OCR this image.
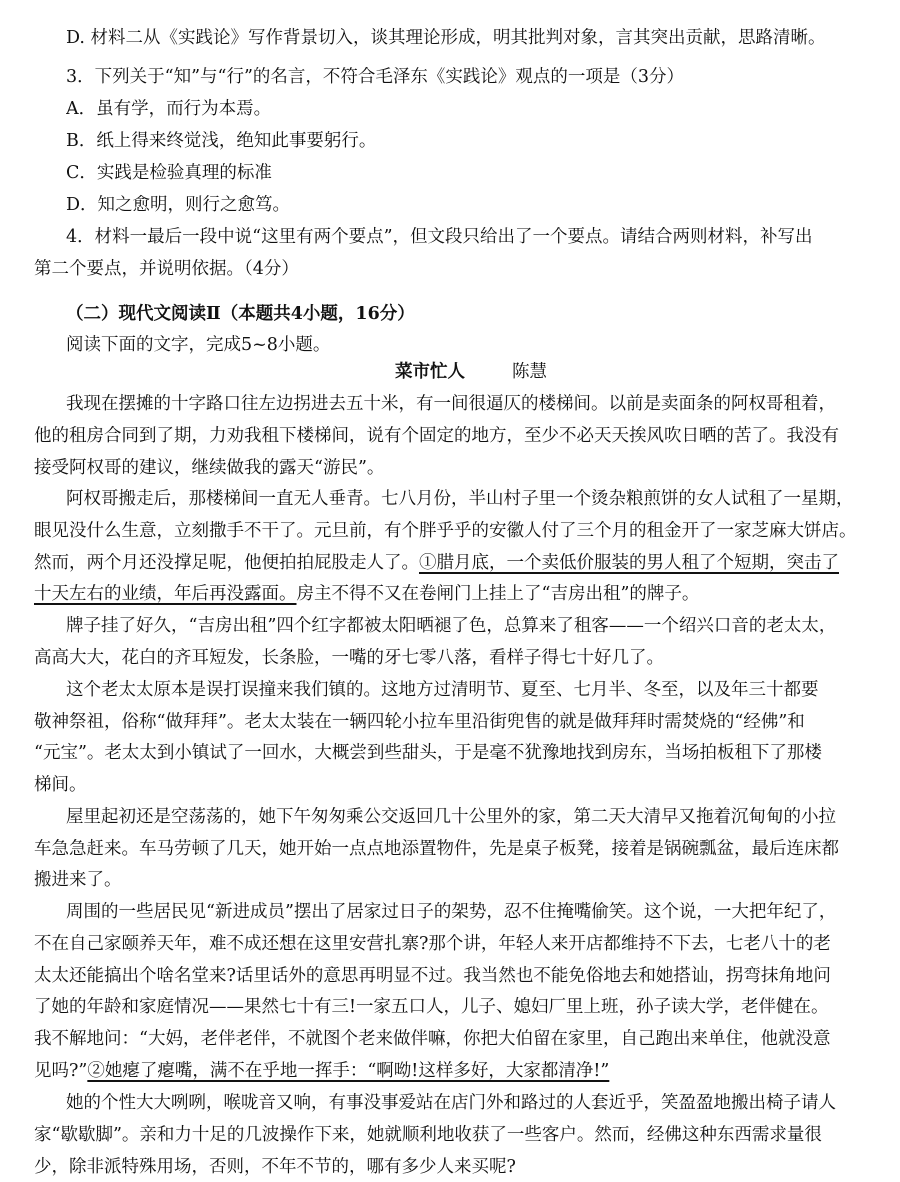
D. 材料二从《实践论》写作背景切入，谈其理论形成，明其批判对象，言其突出贡献，思路清晰。
3．下列关于“知”与“行”的名言，不符合毛泽东《实践论》观点的一项是（3分）
A．虽有学，而行为本焉。
B．纸上得来终觉浅，绝知此事要躬行。
C．实践是检验真理的标准
D．知之愈明，则行之愈笃。
4．材料一最后一段中说“这里有两个要点”，但文段只给出了一个要点。请结合两则材料，补写出
第二个要点，并说明依据。（4分）
（二）现代文阅读Ⅱ（本题共4小题，16分）
阅读下面的文字，完成5~8小题。
菜市忙人	陈慧
我现在摆摊的十字路口往左边拐进去五十米，有一间很逼仄的楼梯间。以前是卖面条的阿权哥租着，
他的租房合同到了期，力劝我租下楼梯间，说有个固定的地方，至少不必天天挨风吹日晒的苦了。我没有
接受阿权哥的建议，继续做我的露天“游民”。
阿权哥搬走后，那楼梯间一直无人垂青。七八月份，半山村子里一个烫杂粮煎饼的女人试租了一星期，
眼见没什么生意，立刻撒手不干了。元旦前，有个胖乎乎的安徽人付了三个月的租金开了一家芝麻大饼店。
然而，两个月还没撑足呢，他便拍拍屁股走人了。①腊月底，一个卖低价服装的男人租了个短期，突击了
十天左右的业绩，年后再没露面。房主不得不又在卷闸门上挂上了“吉房出租”的牌子。
牌子挂了好久，“吉房出租”四个红字都被太阳晒褪了色，总算来了租客——一个绍兴口音的老太太，
高高大大，花白的齐耳短发，长条脸，一嘴的牙七零八落，看样子得七十好几了。
这个老太太原本是误打误撞来我们镇的。这地方过清明节、夏至、七月半、冬至，以及年三十都要
敬神祭祖，俗称“做拜拜”。老太太装在一辆四轮小拉车里沿街兜售的就是做拜拜时需焚烧的“经佛”和
“元宝”。老太太到小镇试了一回水，大概尝到些甜头，于是毫不犹豫地找到房东，当场拍板租下了那楼
梯间。
屋里起初还是空荡荡的，她下午匆匆乘公交返回几十公里外的家，第二天大清早又拖着沉甸甸的小拉
车急急赶来。车马劳顿了几天，她开始一点点地添置物件，先是桌子板凳，接着是锅碗瓢盆，最后连床都
搬进来了。
周围的一些居民见“新进成员”摆出了居家过日子的架势，忍不住掩嘴偷笑。这个说，一大把年纪了，
不在自己家颐养天年，难不成还想在这里安营扎寨?那个讲，年轻人来开店都维持不下去，七老八十的老
太太还能搞出个啥名堂来?话里话外的意思再明显不过。我当然也不能免俗地去和她搭讪，拐弯抹角地问
了她的年龄和家庭情况——果然七十有三!一家五口人，儿子、媳妇厂里上班，孙子读大学，老伴健在。
我不解地问：“大妈，老伴老伴，不就图个老来做伴嘛，你把大伯留在家里，自己跑出来单住，他就没意
见吗?”②她瘪了瘪嘴，满不在乎地一挥手：“啊呦!这样多好，大家都清净!”
她的个性大大咧咧，喉咙音又响，有事没事爱站在店门外和路过的人套近乎，笑盈盈地搬出椅子请人
家“歇歇脚”。亲和力十足的几波操作下来，她就顺利地收获了一些客户。然而，经佛这种东西需求量很
少，除非派特殊用场，否则，不年不节的，哪有多少人来买呢?
